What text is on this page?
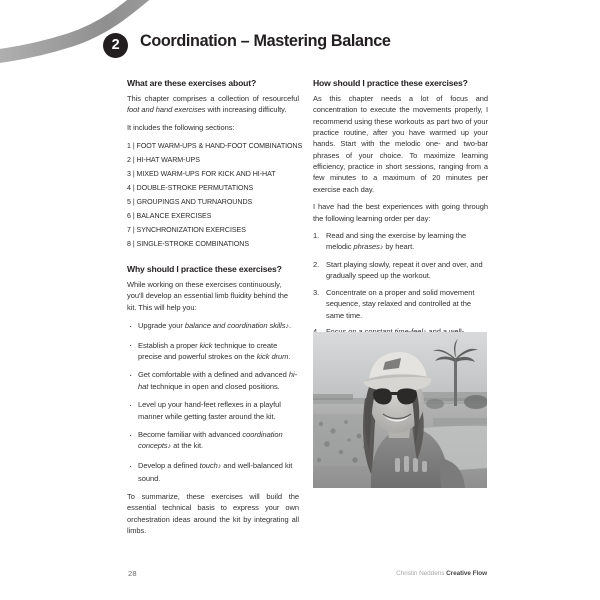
2	Coordination – Mastering Balance
What are these exercises about?

This chapter comprises a collection of resourceful foot and hand exercises with increasing difficulty.

It includes the following sections:

1 | FOOT WARM-UPS & HAND-FOOT COMBINATIONS
2 | HI-HAT WARM-UPS
3 | MIXED WARM-UPS FOR KICK AND HI-HAT
4 | DOUBLE-STROKE PERMUTATIONS
5 | GROUPINGS AND TURNAROUNDS
6 | BALANCE EXERCISES
7 | SYNCHRONIZATION EXERCISES
8 | SINGLE-STROKE COMBINATIONS
Why should I practice these exercises?

While working on these exercises continuously, you'll develop an essential limb fluidity behind the kit. This will help you:

· Upgrade your balance and coordination skills♪.
· Establish a proper kick technique to create precise and powerful strokes on the kick drum.
· Get comfortable with a defined and advanced hi-hat technique in open and closed positions.
· Level up your hand-feet reflexes in a playful manner while getting faster around the kit.
· Become familiar with advanced coordination concepts♪ at the kit.
· Develop a defined touch♪ and well-balanced kit sound.

To summarize, these exercises will build the essential technical basis to express your own orchestration ideas around the kit by integrating all limbs.

How should I practice these exercises?

As this chapter needs a lot of focus and concentration to execute the movements properly, I recommend using these workouts as part two of your practice routine, after you have warmed up your hands. Start with the melodic one- and two-bar phrases of your choice. To maximize learning efficiency, practice in short sessions, ranging from a few minutes to a maximum of 20 minutes per exercise each day.

I have had the best experiences with going through the following learning order per day:

Read and sing the exercise by learning the melodic phrases♪ by heart.
Start playing slowly, repeat it over and over, and gradually speed up the workout.
Concentrate on a proper and solid movement sequence, stay relaxed and controlled at the same time.
28	Christin Neddens Creative Flow
